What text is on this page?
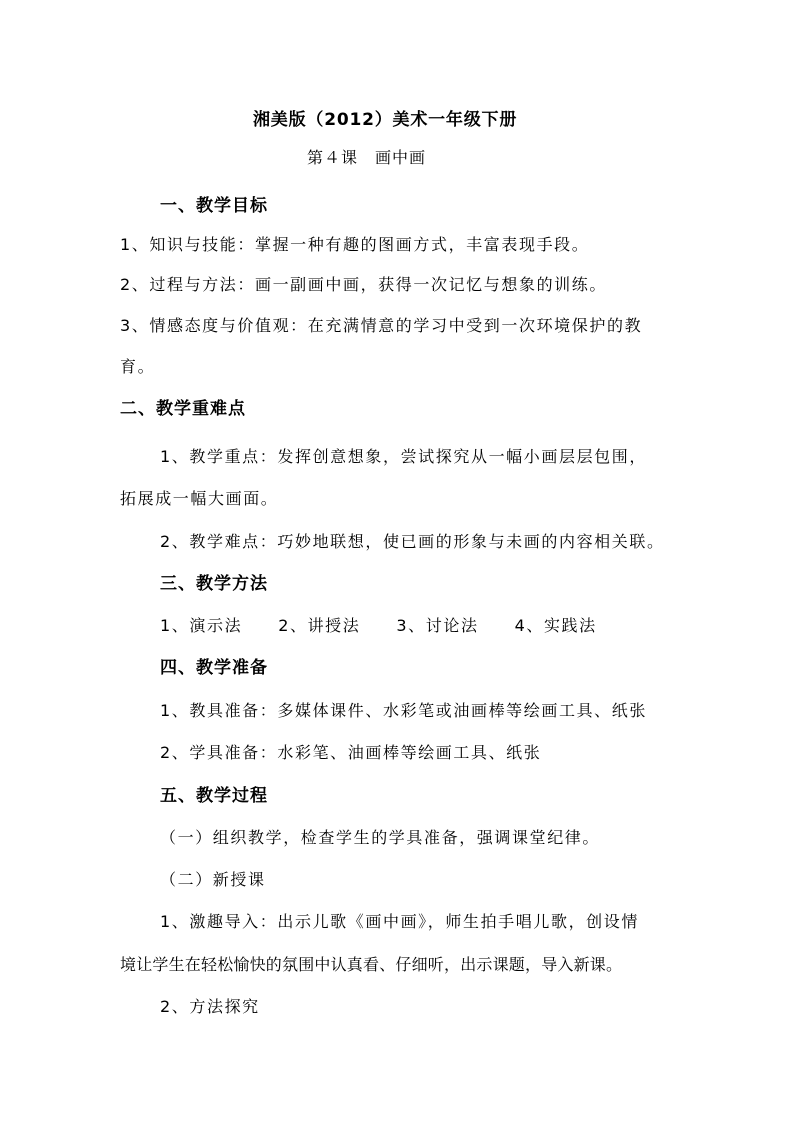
湘美版（2012）美术一年级下册
第４课　画中画
一、教学目标
1、知识与技能：掌握一种有趣的图画方式，丰富表现手段。
2、过程与方法：画一副画中画，获得一次记忆与想象的训练。
3、情感态度与价值观：在充满情意的学习中受到一次环境保护的教
育。
二、教学重难点
1、教学重点：发挥创意想象，尝试探究从一幅小画层层包围，
拓展成一幅大画面。
2、教学难点：巧妙地联想，使已画的形象与未画的内容相关联。
三、教学方法
1、演示法 2、讲授法 3、讨论法 4、实践法
四、教学准备
1、教具准备：多媒体课件、水彩笔或油画棒等绘画工具、纸张
2、学具准备：水彩笔、油画棒等绘画工具、纸张
五、教学过程
（一）组织教学，检查学生的学具准备，强调课堂纪律。
（二）新授课
1、激趣导入：出示儿歌《画中画》，师生拍手唱儿歌，创设情
境让学生在轻松愉快的氛围中认真看、仔细听，出示课题，导入新课。
2、方法探究
